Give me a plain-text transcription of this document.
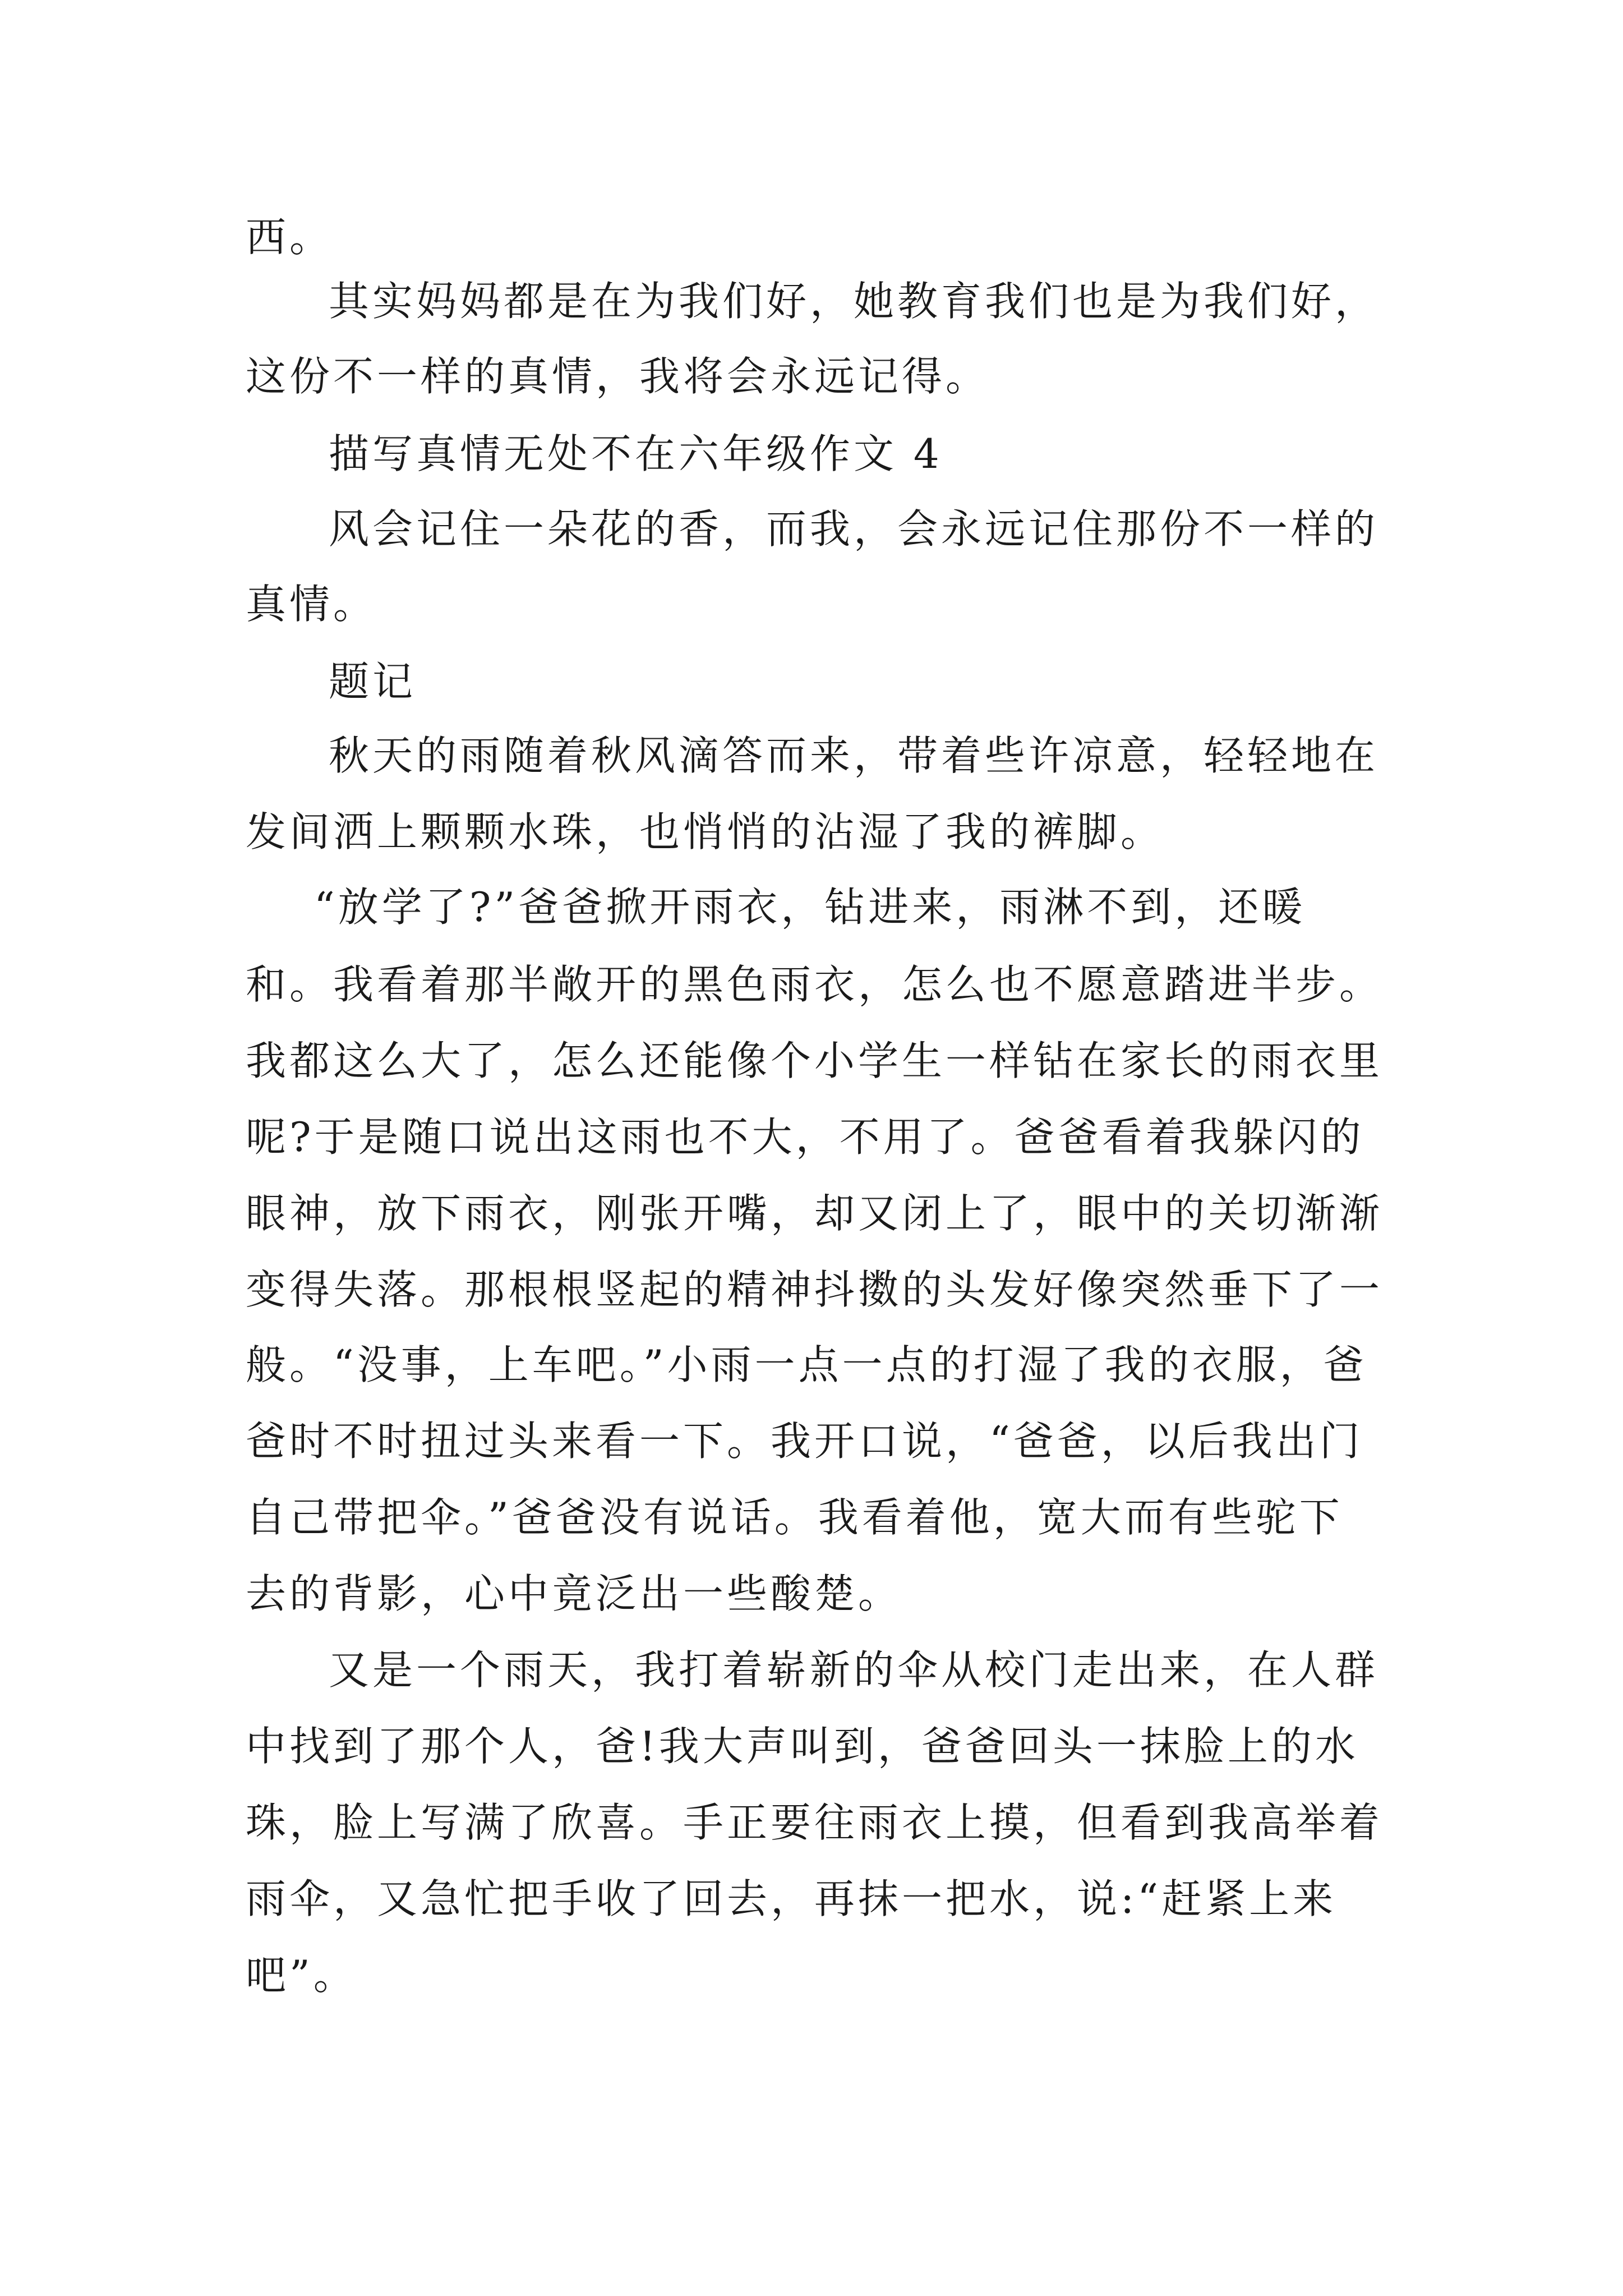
西。
其实妈妈都是在为我们好，她教育我们也是为我们好，
这份不一样的真情，我将会永远记得。
描写真情无处不在六年级作文 4
风会记住一朵花的香，而我，会永远记住那份不一样的
真情。
题记
秋天的雨随着秋风滴答而来，带着些许凉意，轻轻地在
发间洒上颗颗水珠，也悄悄的沾湿了我的裤脚。
“放学了?”爸爸掀开雨衣，钻进来，雨淋不到，还暖
和。我看着那半敞开的黑色雨衣，怎么也不愿意踏进半步。
我都这么大了，怎么还能像个小学生一样钻在家长的雨衣里
呢?于是随口说出这雨也不大，不用了。爸爸看着我躲闪的
眼神，放下雨衣，刚张开嘴，却又闭上了，眼中的关切渐渐
变得失落。那根根竖起的精神抖擞的头发好像突然垂下了一
般。“没事，上车吧。”小雨一点一点的打湿了我的衣服，爸
爸时不时扭过头来看一下。我开口说，“爸爸，以后我出门
自己带把伞。”爸爸没有说话。我看着他，宽大而有些驼下
去的背影，心中竟泛出一些酸楚。
又是一个雨天，我打着崭新的伞从校门走出来，在人群
中找到了那个人，爸!我大声叫到，爸爸回头一抹脸上的水
珠，脸上写满了欣喜。手正要往雨衣上摸，但看到我高举着
雨伞，又急忙把手收了回去，再抹一把水，说:“赶紧上来
吧”。
